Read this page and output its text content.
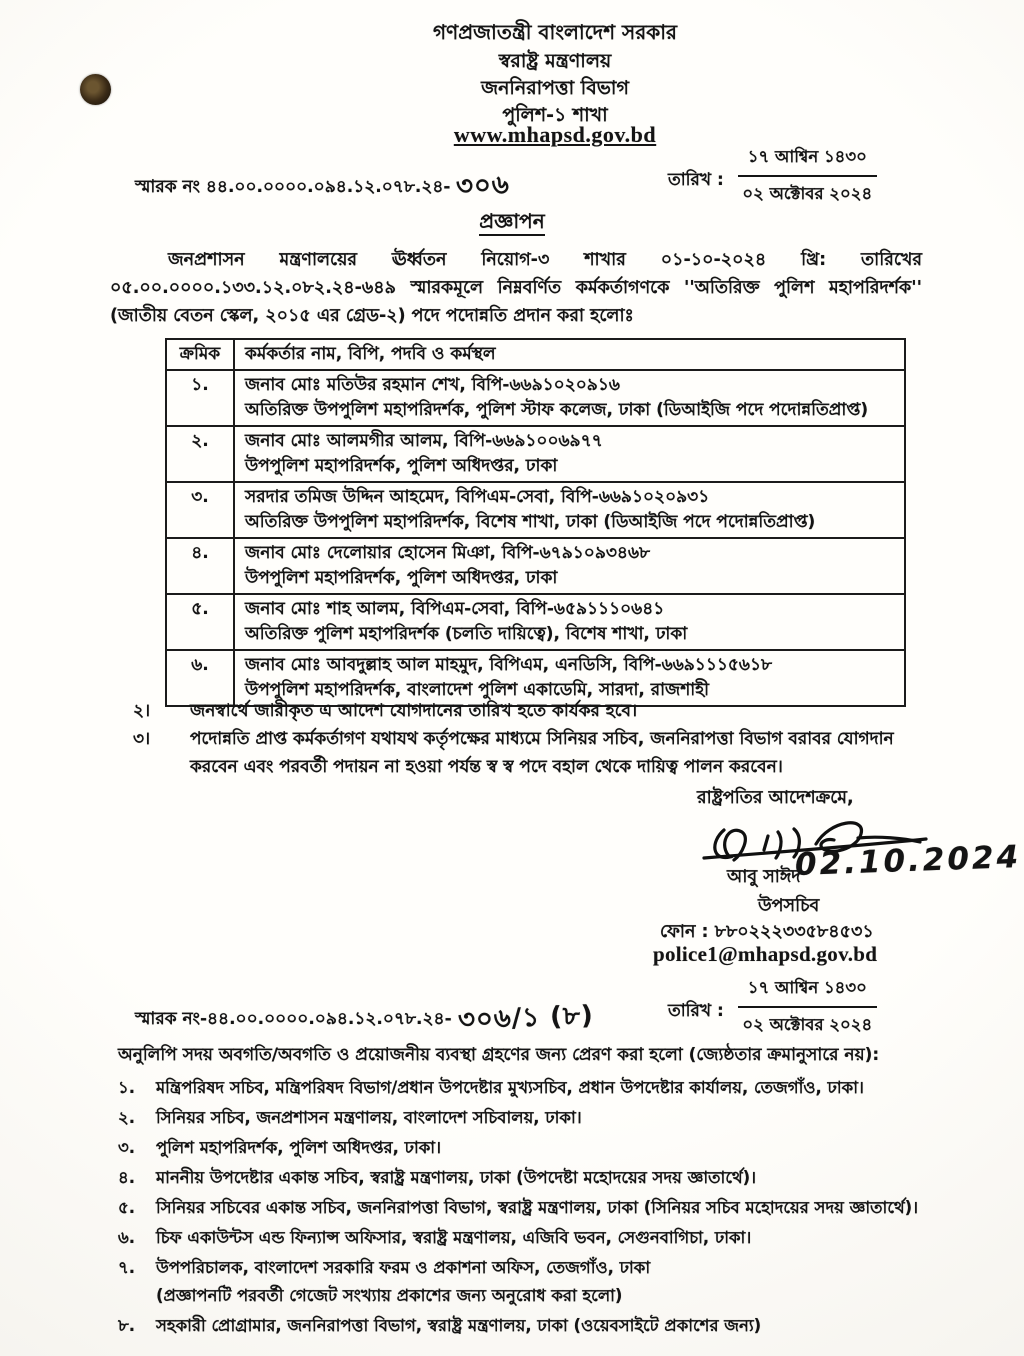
গণপ্রজাতন্ত্রী বাংলাদেশ সরকার
স্বরাষ্ট্র মন্ত্রণালয়
জননিরাপত্তা বিভাগ
পুলিশ-১ শাখা
www.mhapsd.gov.bd
স্মারক নং ৪৪.০০.০০০০.০৯৪.১২.০৭৮.২৪- ৩০৬	তারিখ :
১৭ আশ্বিন ১৪৩০
০২ অক্টোবর ২০২৪
প্রজ্ঞাপন
জনপ্রশাসন মন্ত্রণালয়ের ঊর্ধ্বতন নিয়োগ-৩ শাখার ০১-১০-২০২৪ খ্রি: তারিখের ০৫.০০.০০০০.১৩৩.১২.০৮২.২৪-৬৪৯ স্মারকমূলে নিম্নবর্ণিত কর্মকর্তাগণকে ''অতিরিক্ত পুলিশ মহাপরিদর্শক'' (জাতীয় বেতন স্কেল, ২০১৫ এর গ্রেড-২) পদে পদোন্নতি প্রদান করা হলোঃ
ক্রমিক	কর্মকর্তার নাম, বিপি, পদবি ও কর্মস্থল
১.	জনাব মোঃ মতিউর রহমান শেখ, বিপি-৬৬৯১০২০৯১৬
অতিরিক্ত উপপুলিশ মহাপরিদর্শক, পুলিশ স্টাফ কলেজ, ঢাকা (ডিআইজি পদে পদোন্নতিপ্রাপ্ত)

২.	জনাব মোঃ আলমগীর আলম, বিপি-৬৬৯১০০৬৯৭৭
উপপুলিশ মহাপরিদর্শক, পুলিশ অধিদপ্তর, ঢাকা

৩.	সরদার তমিজ উদ্দিন আহমেদ, বিপিএম-সেবা, বিপি-৬৬৯১০২০৯৩১
অতিরিক্ত উপপুলিশ মহাপরিদর্শক, বিশেষ শাখা, ঢাকা (ডিআইজি পদে পদোন্নতিপ্রাপ্ত)

৪.	জনাব মোঃ দেলোয়ার হোসেন মিঞা, বিপি-৬৭৯১০৯৩৪৬৮
উপপুলিশ মহাপরিদর্শক, পুলিশ অধিদপ্তর, ঢাকা

৫.	জনাব মোঃ শাহ আলম, বিপিএম-সেবা, বিপি-৬৫৯১১১০৬৪১
অতিরিক্ত পুলিশ মহাপরিদর্শক (চলতি দায়িত্বে), বিশেষ শাখা, ঢাকা

৬.	জনাব মোঃ আবদুল্লাহ আল মাহমুদ, বিপিএম, এনডিসি, বিপি-৬৬৯১১১৫৬১৮
উপপুলিশ মহাপরিদর্শক, বাংলাদেশ পুলিশ একাডেমি, সারদা, রাজশাহী
২।	জনস্বার্থে জারীকৃত এ আদেশ যোগদানের তারিখ হতে কার্যকর হবে।
৩।	পদোন্নতি প্রাপ্ত কর্মকর্তাগণ যথাযথ কর্তৃপক্ষের মাধ্যমে সিনিয়র সচিব, জননিরাপত্তা বিভাগ বরাবর যোগদান করবেন এবং পরবর্তী পদায়ন না হওয়া পর্যন্ত স্ব স্ব পদে বহাল থেকে দায়িত্ব পালন করবেন।
রাষ্ট্রপতির আদেশক্রমে,
02.10.2024
আবু সাঈদ
উপসচিব
ফোন : ৮৮০২২২৩৩৫৮৪৫৩১
police1@mhapsd.gov.bd
স্মারক নং-৪৪.০০.০০০০.০৯৪.১২.০৭৮.২৪- ৩০৬/১ (৮)	তারিখ :
১৭ আশ্বিন ১৪৩০
০২ অক্টোবর ২০২৪
অনুলিপি সদয় অবগতি/অবগতি ও প্রয়োজনীয় ব্যবস্থা গ্রহণের জন্য প্রেরণ করা হলো (জ্যেষ্ঠতার ক্রমানুসারে নয়):
১.	মন্ত্রিপরিষদ সচিব, মন্ত্রিপরিষদ বিভাগ/প্রধান উপদেষ্টার মুখ্যসচিব, প্রধান উপদেষ্টার কার্যালয়, তেজগাঁও, ঢাকা।
২.	সিনিয়র সচিব, জনপ্রশাসন মন্ত্রণালয়, বাংলাদেশ সচিবালয়, ঢাকা।
৩.	পুলিশ মহাপরিদর্শক, পুলিশ অধিদপ্তর, ঢাকা।
৪.	মাননীয় উপদেষ্টার একান্ত সচিব, স্বরাষ্ট্র মন্ত্রণালয়, ঢাকা (উপদেষ্টা মহোদয়ের সদয় জ্ঞাতার্থে)।
৫.	সিনিয়র সচিবের একান্ত সচিব, জননিরাপত্তা বিভাগ, স্বরাষ্ট্র মন্ত্রণালয়, ঢাকা (সিনিয়র সচিব মহোদয়ের সদয় জ্ঞাতার্থে)।
৬.	চিফ একাউন্টস এন্ড ফিন্যান্স অফিসার, স্বরাষ্ট্র মন্ত্রণালয়, এজিবি ভবন, সেগুনবাগিচা, ঢাকা।
৭.	উপপরিচালক, বাংলাদেশ সরকারি ফরম ও প্রকাশনা অফিস, তেজগাঁও, ঢাকা
(প্রজ্ঞাপনটি পরবর্তী গেজেট সংখ্যায় প্রকাশের জন্য অনুরোধ করা হলো)
৮.	সহকারী প্রোগ্রামার, জননিরাপত্তা বিভাগ, স্বরাষ্ট্র মন্ত্রণালয়, ঢাকা (ওয়েবসাইটে প্রকাশের জন্য)
